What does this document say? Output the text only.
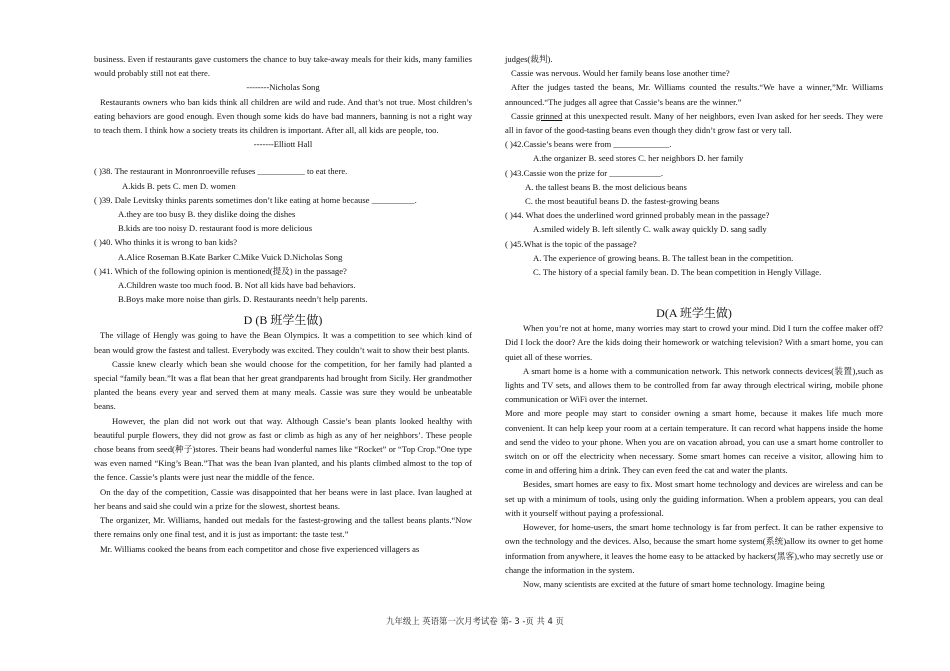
business. Even if restaurants gave customers the chance to buy take-away meals for their kids, many families would probably still not eat there.

--------Nicholas Song

Restaurants owners who ban kids think all children are wild and rude. And that’s not true. Most children’s eating behaviors are good enough. Even though some kids do have bad manners, banning is not a right way to teach them. I think how a society treats its children is important. After all, all kids are people, too.

-------Elliott Hall

( )38. The restaurant in Monronroeville refuses ___________ to eat there.

A.kids B. pets C. men D. women

( )39. Dale Levitsky thinks parents sometimes don’t like eating at home because __________.

A.they are too busy B. they dislike doing the dishes

B.kids are too noisy D. restaurant food is more delicious

( )40. Who thinks it is wrong to ban kids?

A.Alice Roseman B.Kate Barker C.Mike Vuick D.Nicholas Song

( )41. Which of the following opinion is mentioned(提及) in the passage?

A.Children waste too much food. B. Not all kids have bad behaviors.

B.Boys make more noise than girls. D. Restaurants needn’t help parents.

D (B 班学生做)

The village of Hengly was going to have the Bean Olympics. It was a competition to see which kind of bean would grow the fastest and tallest. Everybody was excited. They couldn’t wait to show their best plants.

Cassie knew clearly which bean she would choose for the competition, for her family had planted a special “family bean.”It was a flat bean that her great grandparents had brought from Sicily. Her grandmother planted the beans every year and served them at many meals. Cassie was sure they would be unbeatable beans.

However, the plan did not work out that way. Although Cassie’s bean plants looked healthy with beautiful purple flowers, they did not grow as fast or climb as high as any of her neighbors’. These people chose beans from seed(种子)stores. Their beans had wonderful names like “Rocket” or “Top Crop.”One type was even named “King’s Bean.”That was the bean Ivan planted, and his plants climbed almost to the top of the fence. Cassie’s plants were just near the middle of the fence.

On the day of the competition, Cassie was disappointed that her beans were in last place. Ivan laughed at her beans and said she could win a prize for the slowest, shortest beans.

The organizer, Mr. Williams, handed out medals for the fastest-growing and the tallest beans plants.“Now there remains only one final test, and it is just as important: the taste test.”

Mr. Williams cooked the beans from each competitor and chose five experienced villagers as

judges(裁判).

Cassie was nervous. Would her family beans lose another time?

After the judges tasted the beans, Mr. Williams counted the results.“We have a winner,”Mr. Williams announced.“The judges all agree that Cassie’s beans are the winner.”

Cassie grinned at this unexpected result. Many of her neighbors, even Ivan asked for her seeds. They were all in favor of the good-tasting beans even though they didn’t grow fast or very tall.

( )42.Cassie’s beans were from _____________.

A.the organizer B. seed stores C. her neighbors D. her family

( )43.Cassie won the prize for ____________.

A. the tallest beans B. the most delicious beans

C. the most beautiful beans D. the fastest-growing beans

( )44. What does the underlined word grinned probably mean in the passage?

A.smiled widely B. left silently C. walk away quickly D. sang sadly

( )45.What is the topic of the passage?

A. The experience of growing beans. B. The tallest bean in the competition.

C. The history of a special family bean. D. The bean competition in Hengly Village.

D(A 班学生做)

When you’re not at home, many worries may start to crowd your mind. Did I turn the coffee maker off? Did I lock the door? Are the kids doing their homework or watching television? With a smart home, you can quiet all of these worries.

A smart home is a home with a communication network. This network connects devices(装置),such as lights and TV sets, and allows them to be controlled from far away through electrical wiring, mobile phone communication or WiFi over the internet.

More and more people may start to consider owning a smart home, because it makes life much more convenient. It can help keep your room at a certain temperature. It can record what happens inside the home and send the video to your phone. When you are on vacation abroad, you can use a smart home controller to switch on or off the electricity when necessary. Some smart homes can receive a visitor, allowing him to come in and offering him a drink. They can even feed the cat and water the plants.

Besides, smart homes are easy to fix. Most smart home technology and devices are wireless and can be set up with a minimum of tools, using only the guiding information. When a problem appears, you can deal with it yourself without paying a professional.

However, for home-users, the smart home technology is far from perfect. It can be rather expensive to own the technology and the devices. Also, because the smart home system(系统)allow its owner to get home information from anywhere, it leaves the home easy to be attacked by hackers(黑客),who may secretly use or change the information in the system.

Now, many scientists are excited at the future of smart home technology. Imagine being

九年级上 英语第一次月考试卷 第- 3 -页 共 4 页
